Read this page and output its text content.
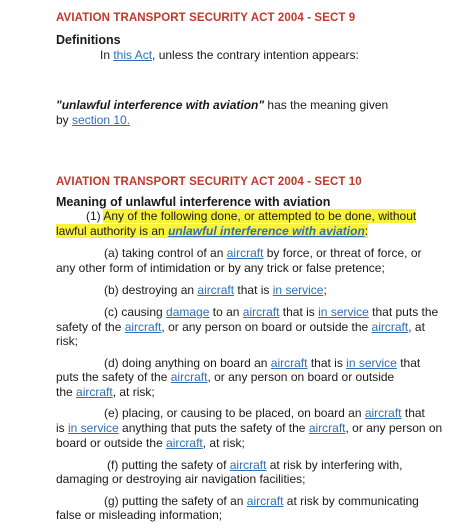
AVIATION TRANSPORT SECURITY ACT 2004 - SECT 9
Definitions
In this Act, unless the contrary intention appears:
"unlawful interference with aviation" has the meaning given
by section 10.
AVIATION TRANSPORT SECURITY ACT 2004 - SECT 10
Meaning of unlawful interference with aviation
(1) Any of the following done, or attempted to be done, without
lawful authority is an unlawful interference with aviation:
(a) taking control of an aircraft by force, or threat of force, or
any other form of intimidation or by any trick or false pretence;
(b) destroying an aircraft that is in service;
(c) causing damage to an aircraft that is in service that puts the
safety of the aircraft, or any person on board or outside the aircraft, at
risk;
(d) doing anything on board an aircraft that is in service that
puts the safety of the aircraft, or any person on board or outside
the aircraft, at risk;
(e) placing, or causing to be placed, on board an aircraft that
is in service anything that puts the safety of the aircraft, or any person on
board or outside the aircraft, at risk;
(f) putting the safety of aircraft at risk by interfering with,
damaging or destroying air navigation facilities;
(g) putting the safety of an aircraft at risk by communicating
false or misleading information;
